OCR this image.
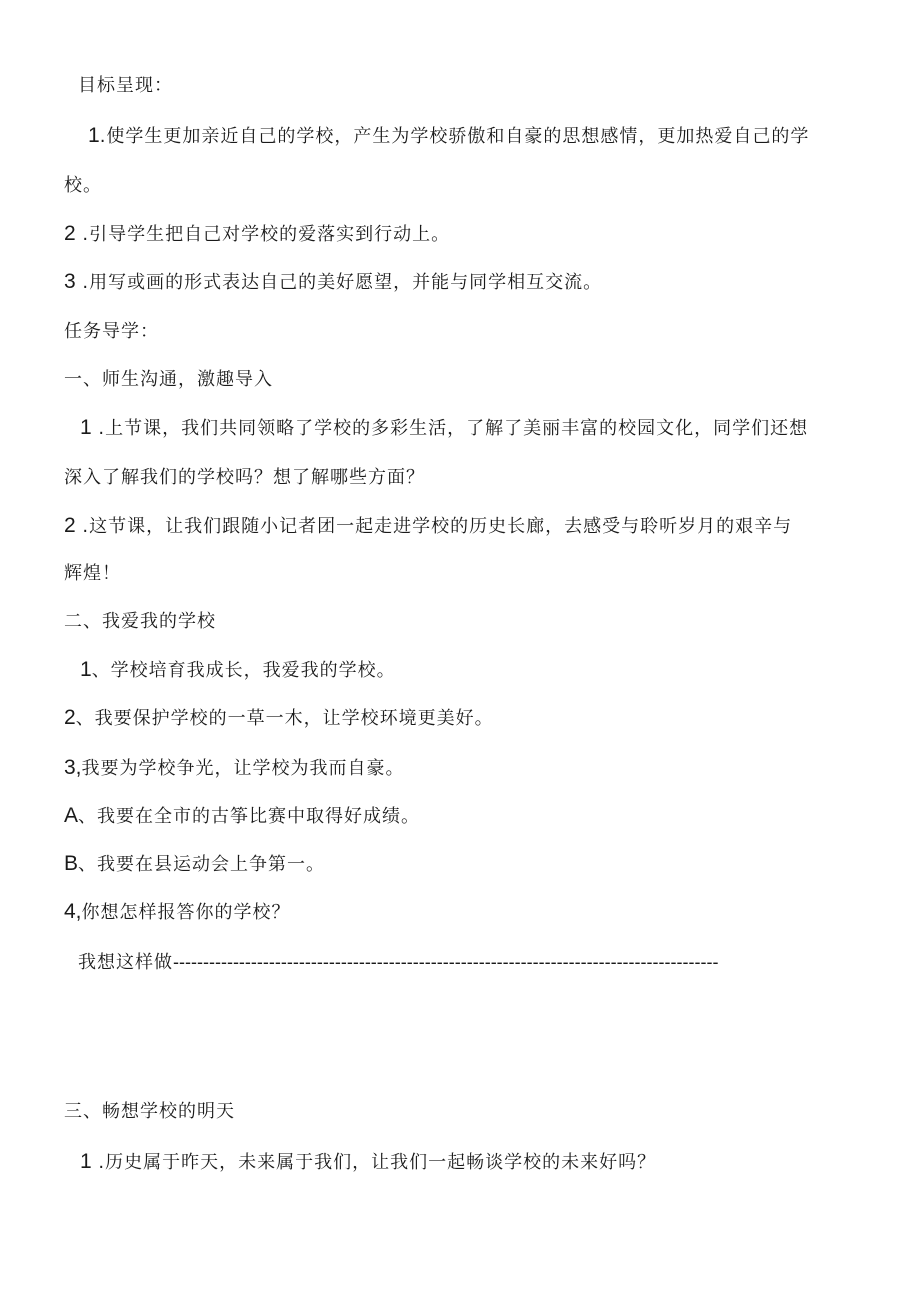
目标呈现：
1.使学生更加亲近自己的学校，产生为学校骄傲和自豪的思想感情，更加热爱自己的学
校。
2 .引导学生把自己对学校的爱落实到行动上。
3 .用写或画的形式表达自己的美好愿望，并能与同学相互交流。
任务导学：
一、师生沟通，激趣导入
1 .上节课，我们共同领略了学校的多彩生活，了解了美丽丰富的校园文化，同学们还想
深入了解我们的学校吗？想了解哪些方面？
2 .这节课，让我们跟随小记者团一起走进学校的历史长廊，去感受与聆听岁月的艰辛与
辉煌！
二、我爱我的学校
1、学校培育我成长，我爱我的学校。
2、我要保护学校的一草一木，让学校环境更美好。
3,我要为学校争光，让学校为我而自豪。
A、我要在全市的古筝比赛中取得好成绩。
B、我要在县运动会上争第一。
4,你想怎样报答你的学校？
我想这样做-------------------------------------------------------------------------------------------
三、畅想学校的明天
1 .历史属于昨天，未来属于我们，让我们一起畅谈学校的未来好吗？
